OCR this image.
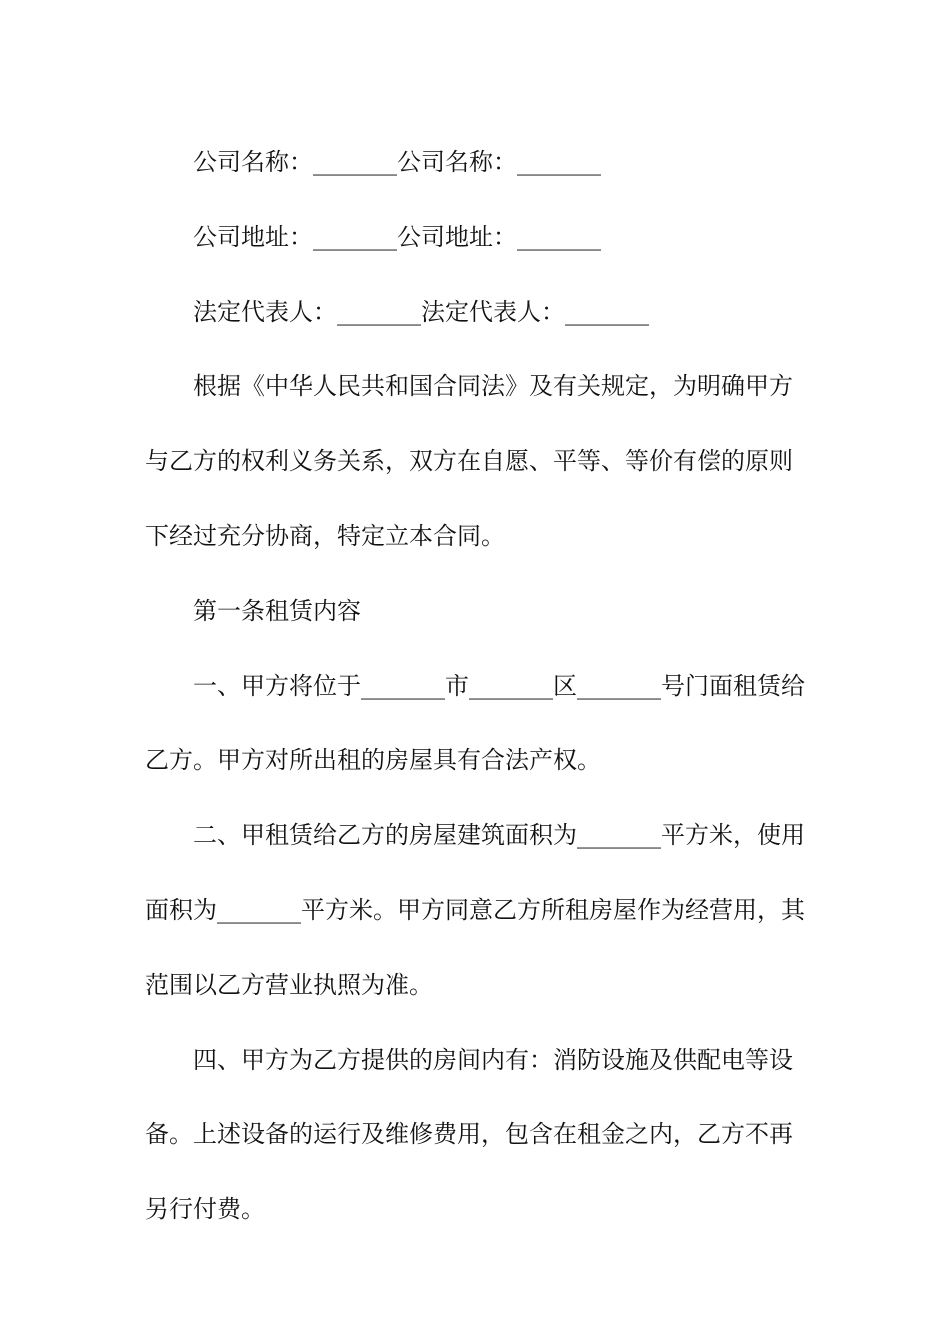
公司名称：_______公司名称：_______

公司地址：_______公司地址：_______

法定代表人：_______法定代表人：_______

根据《中华人民共和国合同法》及有关规定，为明确甲方与乙方的权利义务关系，双方在自愿、平等、等价有偿的原则下经过充分协商，特定立本合同。

第一条租赁内容

一、甲方将位于_______市_______区_______号门面租赁给乙方。甲方对所出租的房屋具有合法产权。

二、甲租赁给乙方的房屋建筑面积为_______平方米，使用面积为_______平方米。甲方同意乙方所租房屋作为经营用，其范围以乙方营业执照为准。

四、甲方为乙方提供的房间内有：消防设施及供配电等设备。上述设备的运行及维修费用，包含在租金之内，乙方不再另行付费。
